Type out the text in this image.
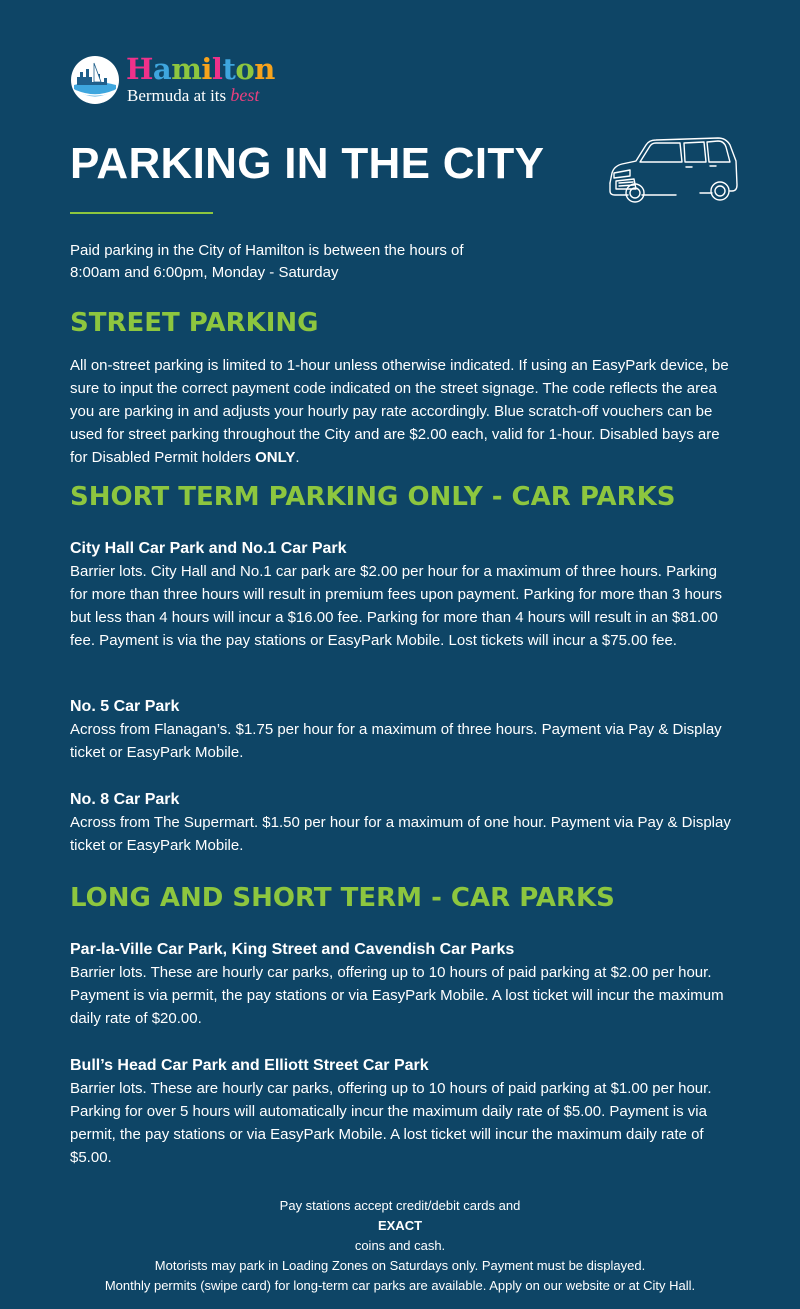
Hamilton
Bermuda at its best
PARKING IN THE CITY
Paid parking in the City of Hamilton is between the hours of
8:00am and 6:00pm, Monday - Saturday
STREET PARKING
All on-street parking is limited to 1-hour unless otherwise indicated. If using an EasyPark device, be sure to input the correct payment code indicated on the street signage. The code reflects the area you are parking in and adjusts your hourly pay rate accordingly. Blue scratch-off vouchers can be used for street parking throughout the City and are $2.00 each, valid for 1-hour. Disabled bays are for Disabled Permit holders ONLY.
SHORT TERM PARKING ONLY - CAR PARKS
City Hall Car Park and No.1 Car Park
Barrier lots. City Hall and No.1 car park are $2.00 per hour for a maximum of three hours. Parking for more than three hours will result in premium fees upon payment. Parking for more than 3 hours but less than 4 hours will incur a $16.00 fee. Parking for more than 4 hours will result in an $81.00 fee. Payment is via the pay stations or EasyPark Mobile. Lost tickets will incur a $75.00 fee.
No. 5 Car Park
Across from Flanagan’s. $1.75 per hour for a maximum of three hours. Payment via Pay & Display ticket or EasyPark Mobile.
No. 8 Car Park
Across from The Supermart. $1.50 per hour for a maximum of one hour. Payment via Pay & Display ticket or EasyPark Mobile.
LONG AND SHORT TERM - CAR PARKS
Par-la-Ville Car Park, King Street and Cavendish Car Parks
Barrier lots. These are hourly car parks, offering up to 10 hours of paid parking at $2.00 per hour. Payment is via permit, the pay stations or via EasyPark Mobile. A lost ticket will incur the maximum daily rate of $20.00.
Bull’s Head Car Park and Elliott Street Car Park
Barrier lots. These are hourly car parks, offering up to 10 hours of paid parking at $1.00 per hour. Parking for over 5 hours will automatically incur the maximum daily rate of $5.00. Payment is via permit, the pay stations or via EasyPark Mobile. A lost ticket will incur the maximum daily rate of $5.00.
Pay stations accept credit/debit cards and
EXACT
coins and cash.
Motorists may park in Loading Zones on Saturdays only. Payment must be displayed.
Monthly permits (swipe card) for long-term car parks are available. Apply on our website or at City Hall.
